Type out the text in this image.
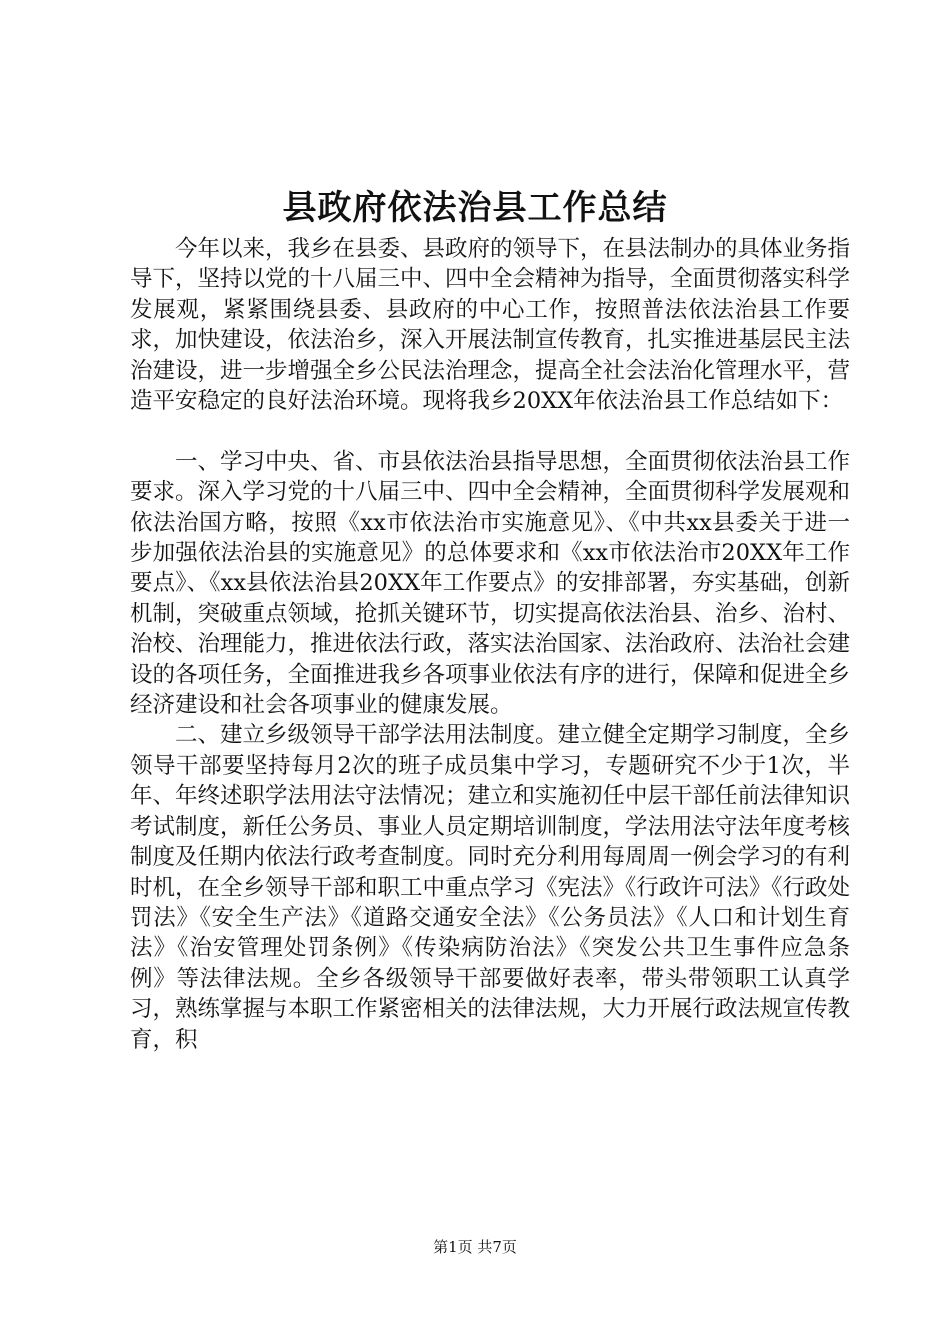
县政府依法治县工作总结

今年以来，我乡在县委、县政府的领导下，在县法制办的具体业务指导下，坚持以党的十八届三中、四中全会精神为指导，全面贯彻落实科学发展观，紧紧围绕县委、县政府的中心工作，按照普法依法治县工作要求，加快建设，依法治乡，深入开展法制宣传教育，扎实推进基层民主法治建设，进一步增强全乡公民法治理念，提高全社会法治化管理水平，营造平安稳定的良好法治环境。现将我乡20XX年依法治县工作总结如下：

一、学习中央、省、市县依法治县指导思想，全面贯彻依法治县工作要求。深入学习党的十八届三中、四中全会精神，全面贯彻科学发展观和依法治国方略，按照《xx市依法治市实施意见》、《中共xx县委关于进一步加强依法治县的实施意见》的总体要求和《xx市依法治市20XX年工作要点》、《xx县依法治县20XX年工作要点》的安排部署，夯实基础，创新机制，突破重点领域，抢抓关键环节，切实提高依法治县、治乡、治村、治校、治理能力，推进依法行政，落实法治国家、法治政府、法治社会建设的各项任务，全面推进我乡各项事业依法有序的进行，保障和促进全乡经济建设和社会各项事业的健康发展。

二、建立乡级领导干部学法用法制度。建立健全定期学习制度，全乡领导干部要坚持每月2次的班子成员集中学习，专题研究不少于1次，半年、年终述职学法用法守法情况；建立和实施初任中层干部任前法律知识考试制度，新任公务员、事业人员定期培训制度，学法用法守法年度考核制度及任期内依法行政考查制度。同时充分利用每周周一例会学习的有利时机，在全乡领导干部和职工中重点学习《宪法》《行政许可法》《行政处罚法》《安全生产法》《道路交通安全法》《公务员法》《人口和计划生育法》《治安管理处罚条例》《传染病防治法》《突发公共卫生事件应急条例》等法律法规。全乡各级领导干部要做好表率，带头带领职工认真学习，熟练掌握与本职工作紧密相关的法律法规，大力开展行政法规宣传教育，积

第1页 共7页
